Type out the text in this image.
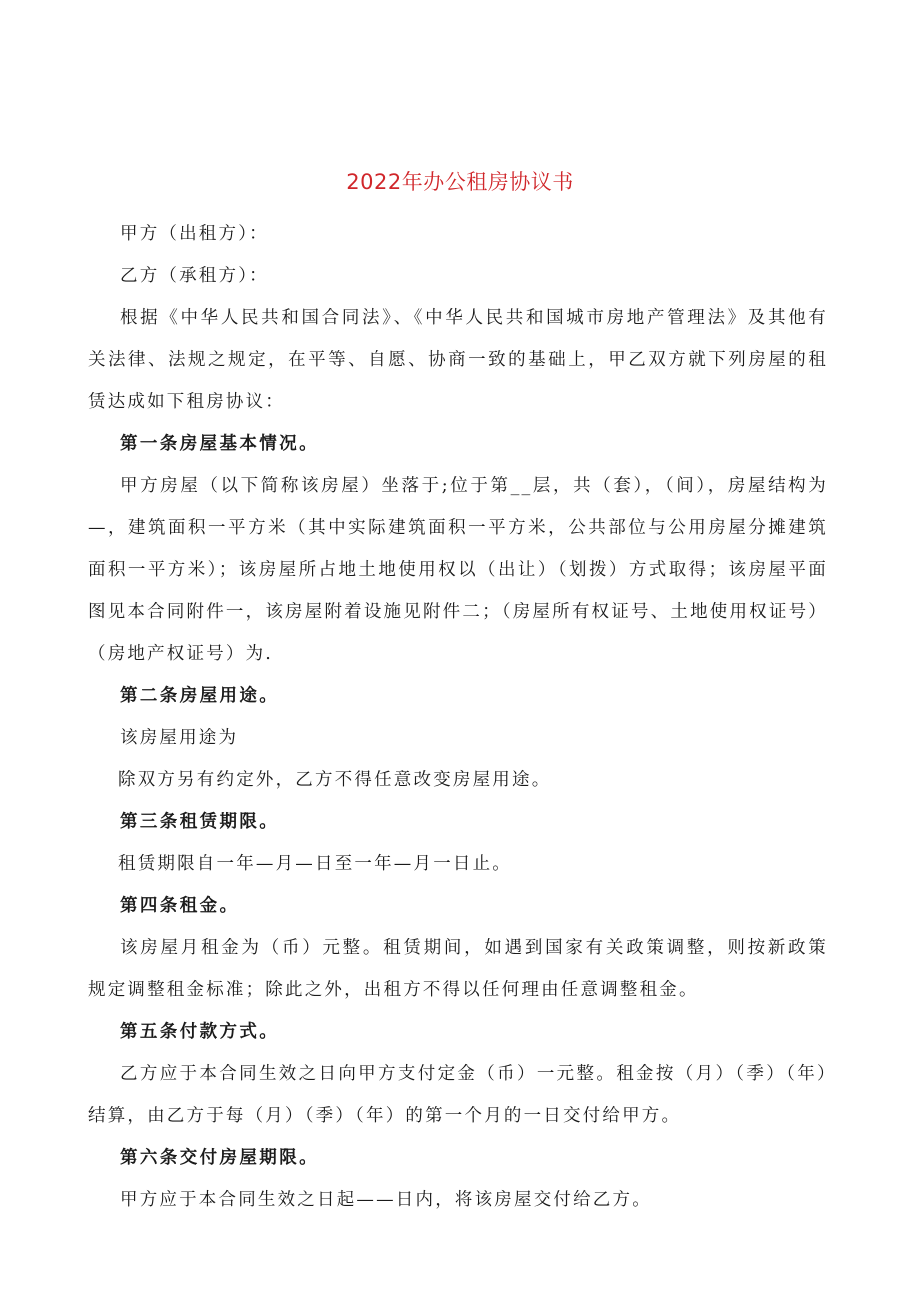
2022年办公租房协议书

甲方（出租方）：

乙方（承租方）：

根据《中华人民共和国合同法》、《中华人民共和国城市房地产管理法》及其他有关法律、法规之规定，在平等、自愿、协商一致的基础上，甲乙双方就下列房屋的租赁达成如下租房协议：

第一条房屋基本情况。

甲方房屋（以下简称该房屋）坐落于;位于第__层，共（套），（间），房屋结构为—，建筑面积一平方米（其中实际建筑面积一平方米，公共部位与公用房屋分摊建筑面积一平方米）；该房屋所占地土地使用权以（出让）（划拨）方式取得；该房屋平面图见本合同附件一，该房屋附着设施见附件二；（房屋所有权证号、土地使用权证号）（房地产权证号）为.

第二条房屋用途。

该房屋用途为

除双方另有约定外，乙方不得任意改变房屋用途。

第三条租赁期限。

租赁期限自一年—月—日至一年—月一日止。

第四条租金。

该房屋月租金为（币）元整。租赁期间，如遇到国家有关政策调整，则按新政策规定调整租金标准；除此之外，出租方不得以任何理由任意调整租金。

第五条付款方式。

乙方应于本合同生效之日向甲方支付定金（币）一元整。租金按（月）（季）（年）结算，由乙方于每（月）（季）（年）的第一个月的一日交付给甲方。

第六条交付房屋期限。

甲方应于本合同生效之日起——日内，将该房屋交付给乙方。
